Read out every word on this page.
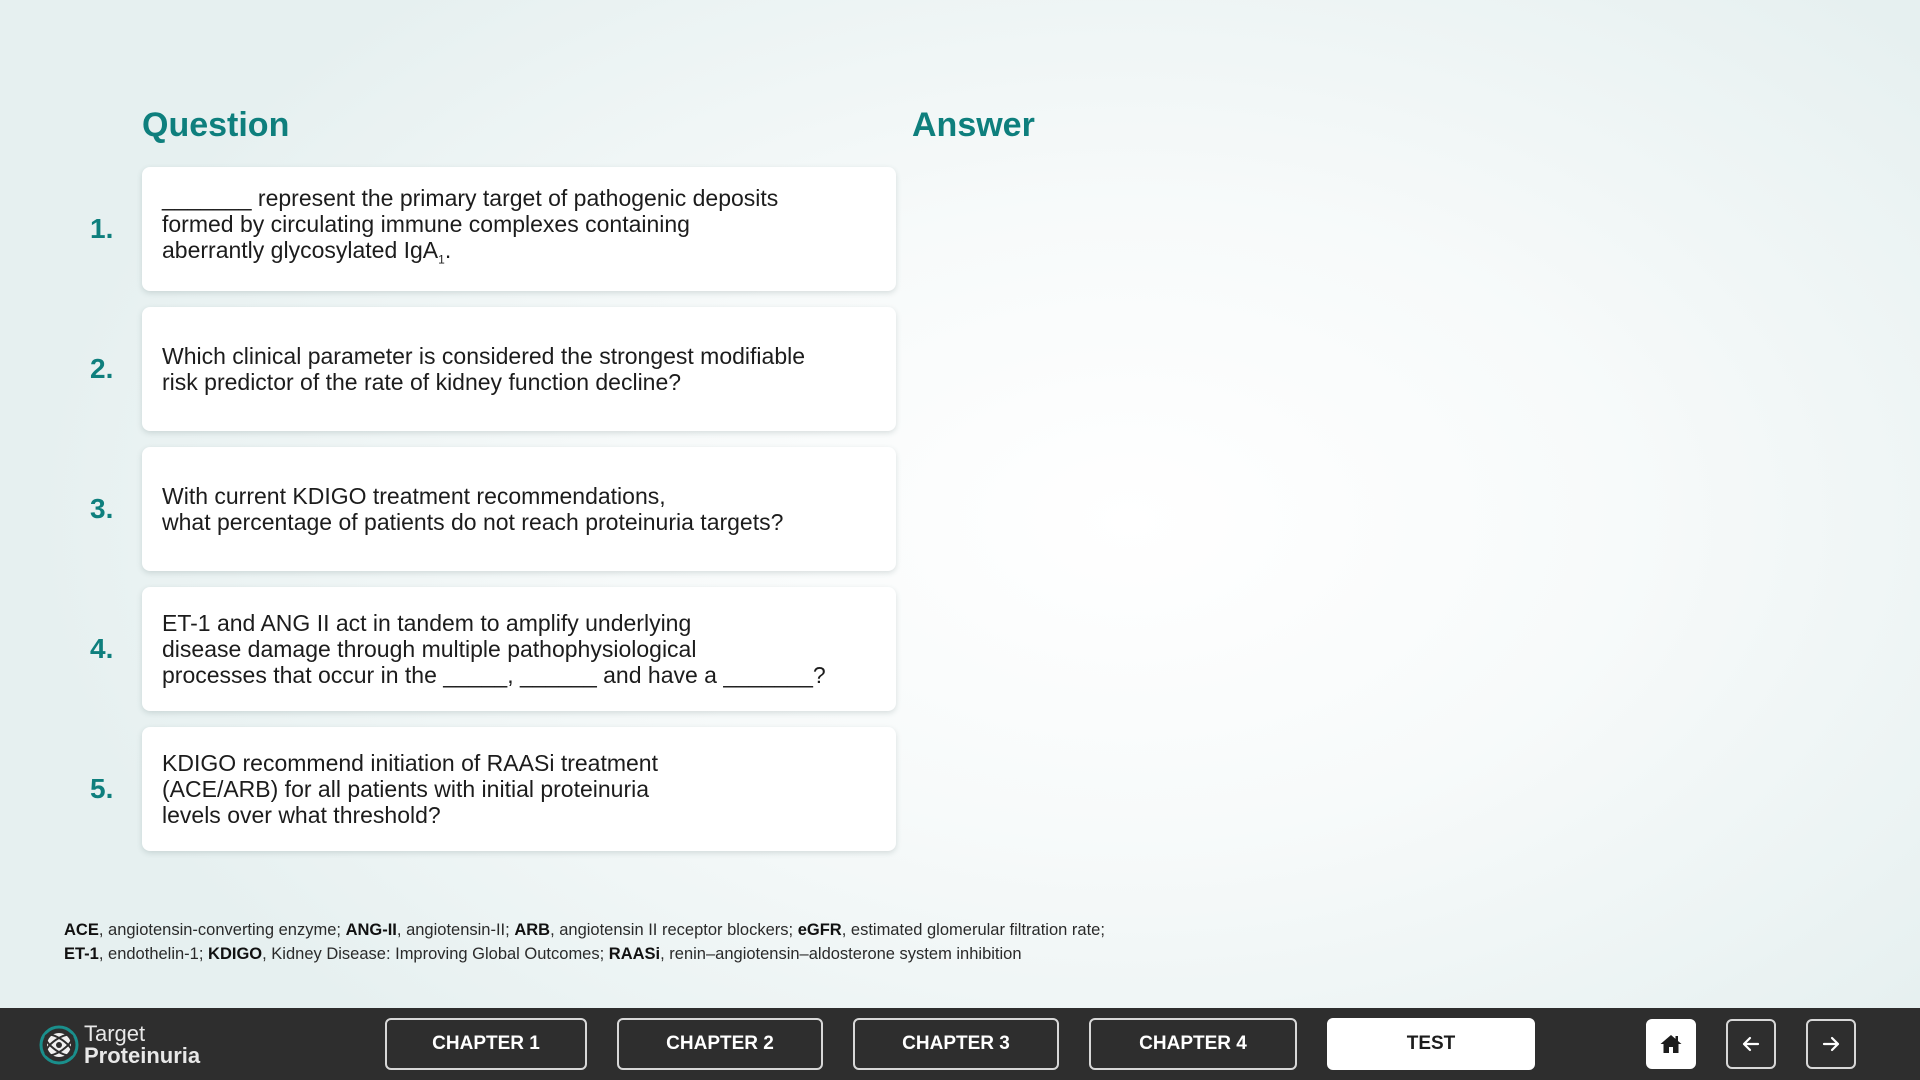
Question	Answer
1.

_______ represent the primary target of pathogenic deposits
formed by circulating immune complexes containing
aberrantly glycosylated IgA$_1$.

2.	Which clinical parameter is considered the strongest modifiable
risk predictor of the rate of kidney function decline?

3.	With current KDIGO treatment recommendations,
what percentage of patients do not reach proteinuria targets?

4.

ET-1 and ANG II act in tandem to amplify underlying
disease damage through multiple pathophysiological
processes that occur in the _____, ______ and have a _______?

5.

KDIGO recommend initiation of RAASi treatment
(ACE/ARB) for all patients with initial proteinuria
levels over what threshold?

ACE, angiotensin-converting enzyme; ANG-II, angiotensin-II; ARB, angiotensin II receptor blockers; eGFR, estimated glomerular filtration rate;
ET-1, endothelin-1; KDIGO, Kidney Disease: Improving Global Outcomes; RAASi, renin–angiotensin–aldosterone system inhibition
Target
Proteinuria	CHAPTER 1	CHAPTER 2	CHAPTER 3	CHAPTER 4	TEST
